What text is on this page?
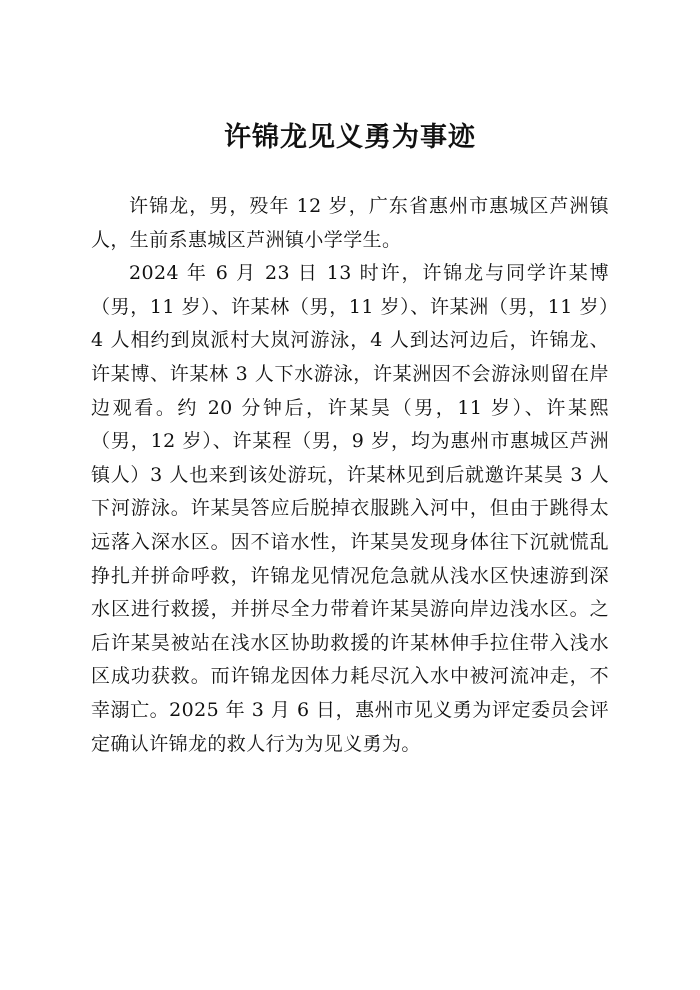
许锦龙见义勇为事迹

许锦龙，男，殁年 12 岁，广东省惠州市惠城区芦洲镇人，生前系惠城区芦洲镇小学学生。

2024 年 6 月 23 日 13 时许，许锦龙与同学许某博（男，11 岁）、许某林（男，11 岁）、许某洲（男，11 岁）4 人相约到岚派村大岚河游泳，4 人到达河边后，许锦龙、许某博、许某林 3 人下水游泳，许某洲因不会游泳则留在岸边观看。约 20 分钟后，许某昊（男，11 岁）、许某熙（男，12 岁）、许某程（男，9 岁，均为惠州市惠城区芦洲镇人）3 人也来到该处游玩，许某林见到后就邀许某昊 3 人下河游泳。许某昊答应后脱掉衣服跳入河中，但由于跳得太远落入深水区。因不谙水性，许某昊发现身体往下沉就慌乱挣扎并拼命呼救，许锦龙见情况危急就从浅水区快速游到深水区进行救援，并拼尽全力带着许某昊游向岸边浅水区。之后许某昊被站在浅水区协助救援的许某林伸手拉住带入浅水区成功获救。而许锦龙因体力耗尽沉入水中被河流冲走，不幸溺亡。2025 年 3 月 6 日，惠州市见义勇为评定委员会评定确认许锦龙的救人行为为见义勇为。
